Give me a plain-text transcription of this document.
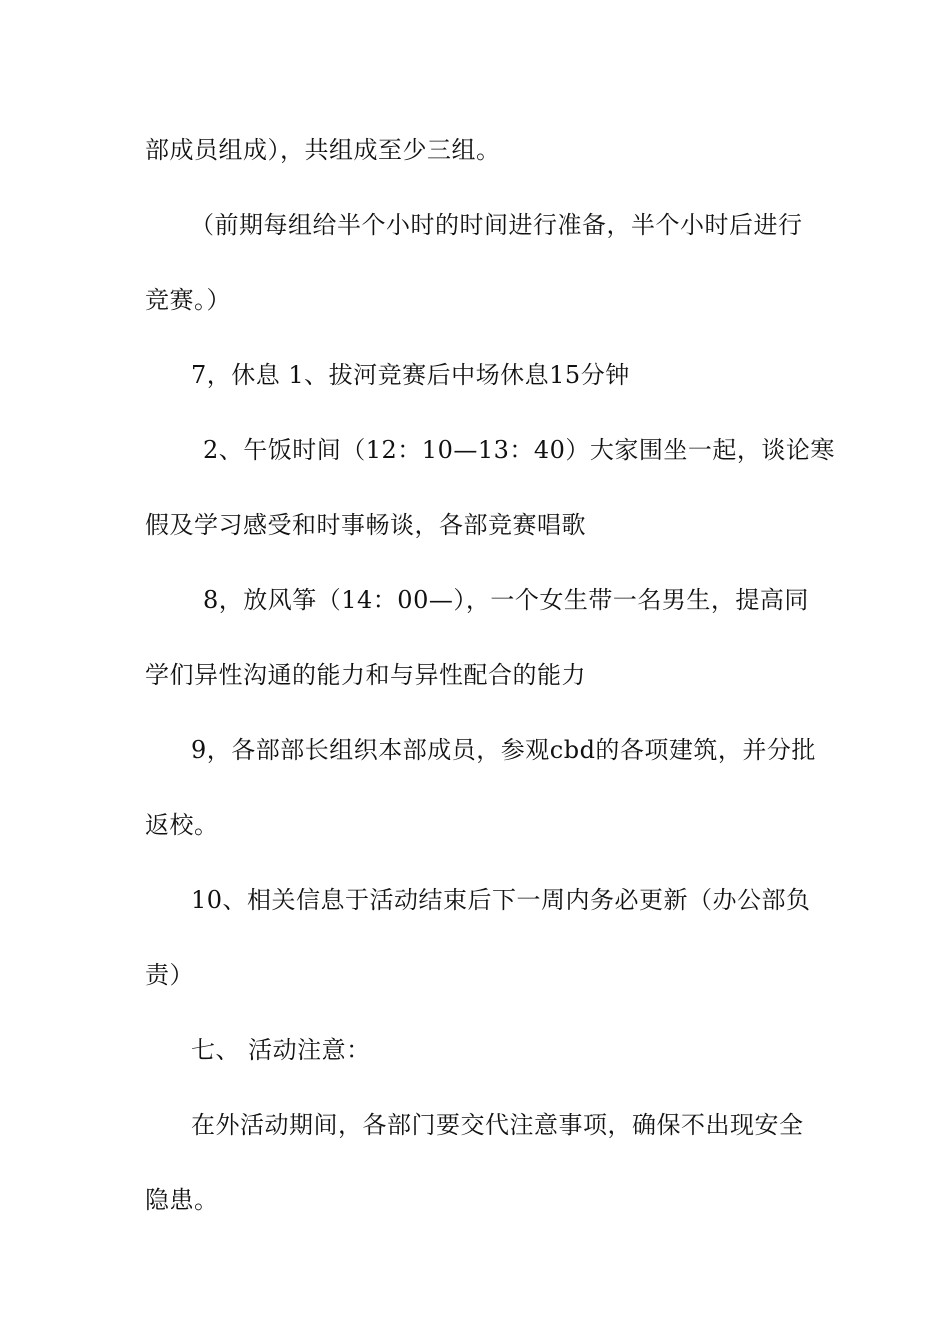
部成员组成），共组成至少三组。
（前期每组给半个小时的时间进行准备，半个小时后进行
竞赛。）
7，休息 1、拔河竞赛后中场休息15分钟
2、午饭时间（12：10—13：40）大家围坐一起，谈论寒
假及学习感受和时事畅谈，各部竞赛唱歌
8，放风筝（14：00—），一个女生带一名男生，提高同
学们异性沟通的能力和与异性配合的能力
9，各部部长组织本部成员，参观cbd的各项建筑，并分批
返校。
10、相关信息于活动结束后下一周内务必更新（办公部负
责）
七、 活动注意：
在外活动期间，各部门要交代注意事项，确保不出现安全
隐患。
